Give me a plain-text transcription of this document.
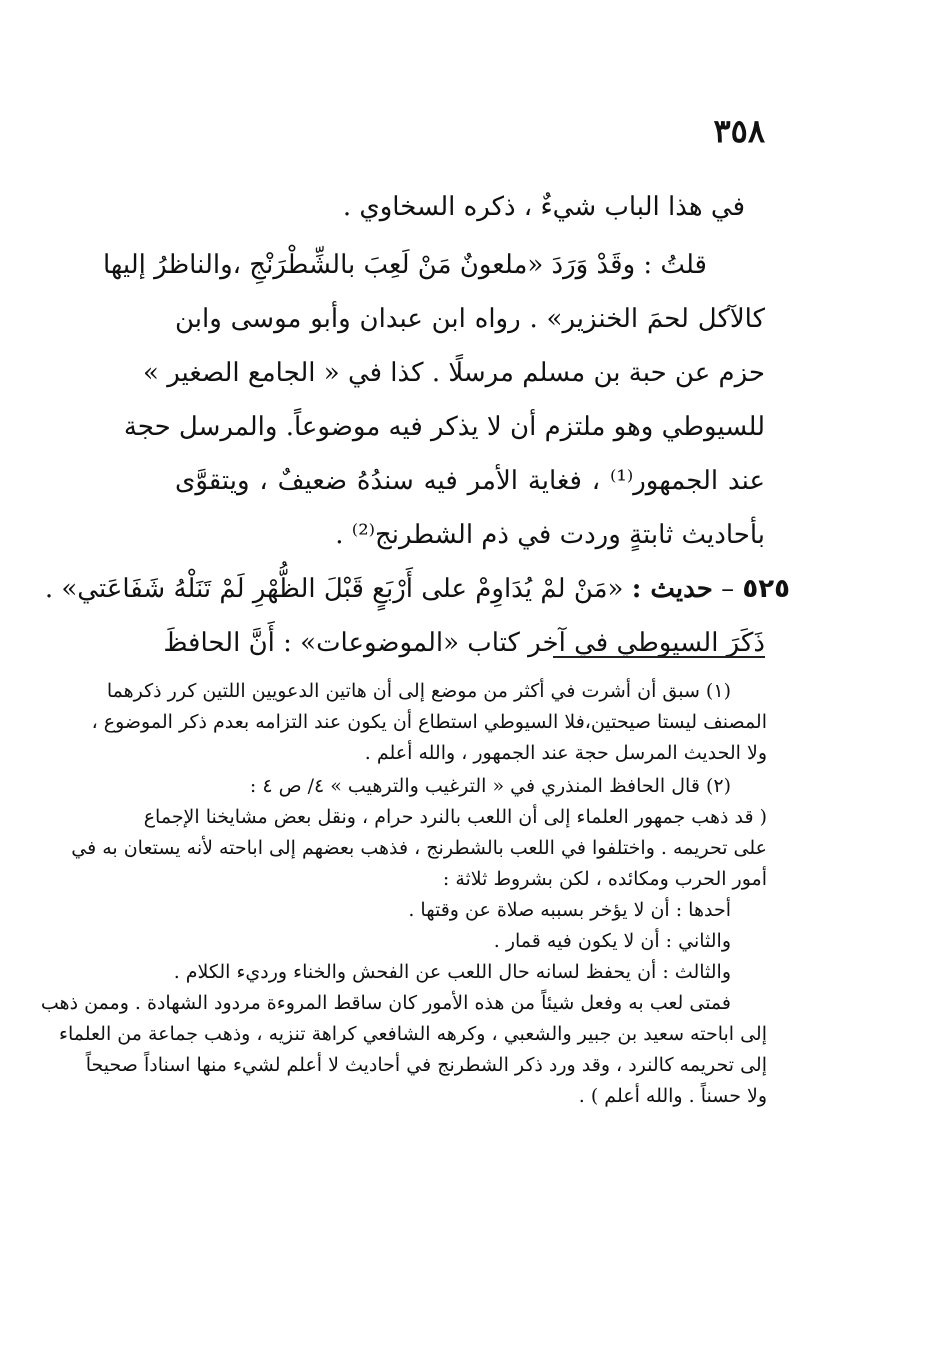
٣٥٨
في هذا الباب شيءٌ ، ذكره السخاوي .
قلتُ : وقَدْ وَرَدَ «ملعونٌ مَنْ لَعِبَ بالشِّطْرَنْجِ ،والناظرُ إليها
كالآكل لحمَ الخنزير» . رواه ابن عبدان وأبو موسى وابن
حزم عن حبة بن مسلم مرسلًا . كذا في « الجامع الصغير »
للسيوطي وهو ملتزم أن لا يذكر فيه موضوعاً. والمرسل حجة
عند الجمهور⁽¹⁾ ، فغاية الأمر فيه سندُهُ ضعيفٌ ، ويتقوَّى
بأحاديث ثابتةٍ وردت في ذم الشطرنج⁽²⁾ .
٥٢٥ – حديث : «مَنْ لمْ يُدَاوِمْ على أَرْبَعٍ قَبْلَ الظُّهْرِ لَمْ تَنَلْهُ شَفَاعَتي» .
ذَكَرَ السيوطي في آخر كتاب «الموضوعات» : أَنَّ الحافظَ
(١) سبق أن أشرت في أكثر من موضع إلى أن هاتين الدعويين اللتين كرر ذكرهما
المصنف ليستا صيحتين،فلا السيوطي استطاع أن يكون عند التزامه بعدم ذكر الموضوع ،
ولا الحديث المرسل حجة عند الجمهور ، والله أعلم .
(٢) قال الحافظ المنذري في « الترغيب والترهيب » ٤/ ص ٤ :
( قد ذهب جمهور العلماء إلى أن اللعب بالنرد حرام ، ونقل بعض مشايخنا الإجماع
على تحريمه . واختلفوا في اللعب بالشطرنج ، فذهب بعضهم إلى اباحته لأنه يستعان به في
أمور الحرب ومكائده ، لكن بشروط ثلاثة :
أحدها : أن لا يؤخر بسببه صلاة عن وقتها .
والثاني : أن لا يكون فيه قمار .
والثالث : أن يحفظ لسانه حال اللعب عن الفحش والخناء ورديء الكلام .
فمتى لعب به وفعل شيئاً من هذه الأمور كان ساقط المروءة مردود الشهادة . وممن ذهب
إلى اباحته سعيد بن جبير والشعبي ، وكرهه الشافعي كراهة تنزيه ، وذهب جماعة من العلماء
إلى تحريمه كالنرد ، وقد ورد ذكر الشطرنج في أحاديث لا أعلم لشيء منها اسناداً صحيحاً
ولا حسناً . والله أعلم ) .
